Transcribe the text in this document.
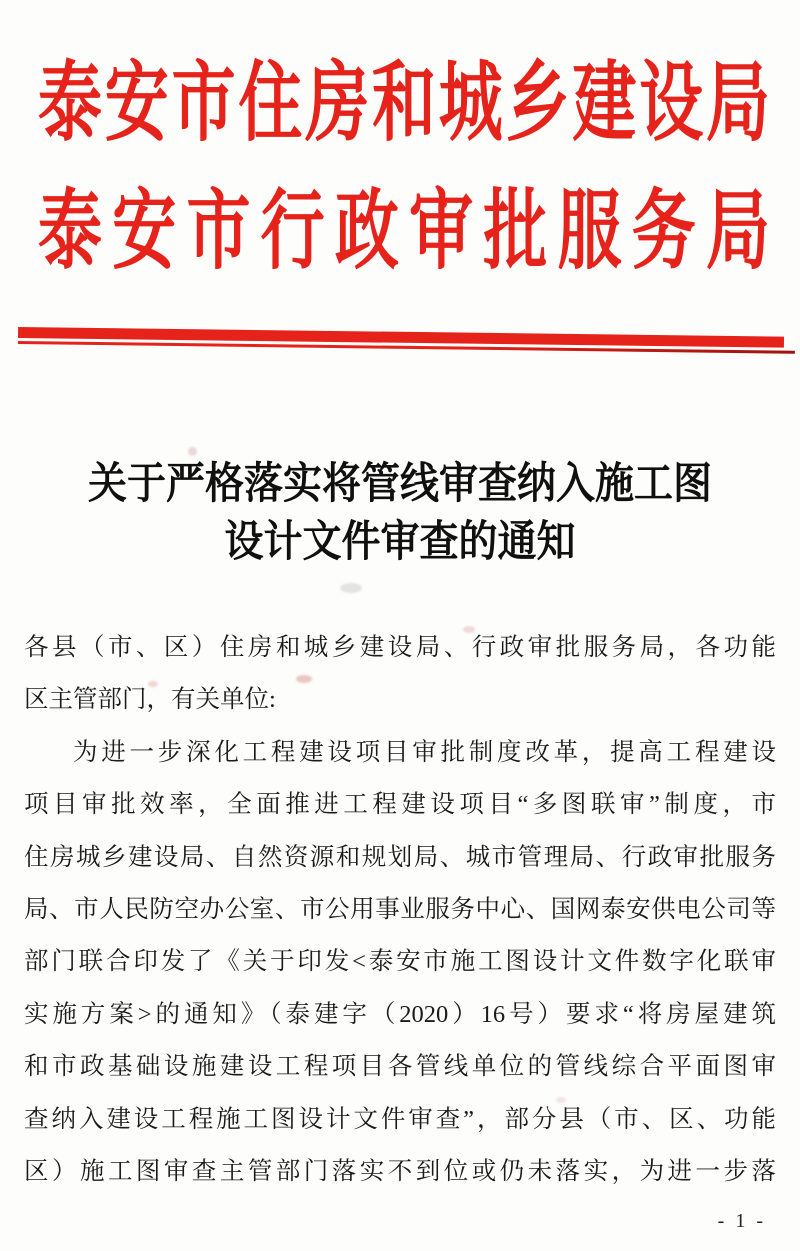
泰安市住房和城乡建设局
泰安市行政审批服务局
关于严格落实将管线审查纳入施工图
设计文件审查的通知
各县（市、区）住房和城乡建设局、行政审批服务局，各功能
区主管部门，有关单位:
为进一步深化工程建设项目审批制度改革，提高工程建设
项目审批效率，全面推进工程建设项目“多图联审”制度，市
住房城乡建设局、自然资源和规划局、城市管理局、行政审批服务
局、市人民防空办公室、市公用事业服务中心、国网泰安供电公司等
部门联合印发了《关于印发<泰安市施工图设计文件数字化联审
实施方案>的通知》（泰建字（2020）16号）要求“将房屋建筑
和市政基础设施建设工程项目各管线单位的管线综合平面图审
查纳入建设工程施工图设计文件审查”，部分县（市、区、功能
区）施工图审查主管部门落实不到位或仍未落实，为进一步落
- 1 -
